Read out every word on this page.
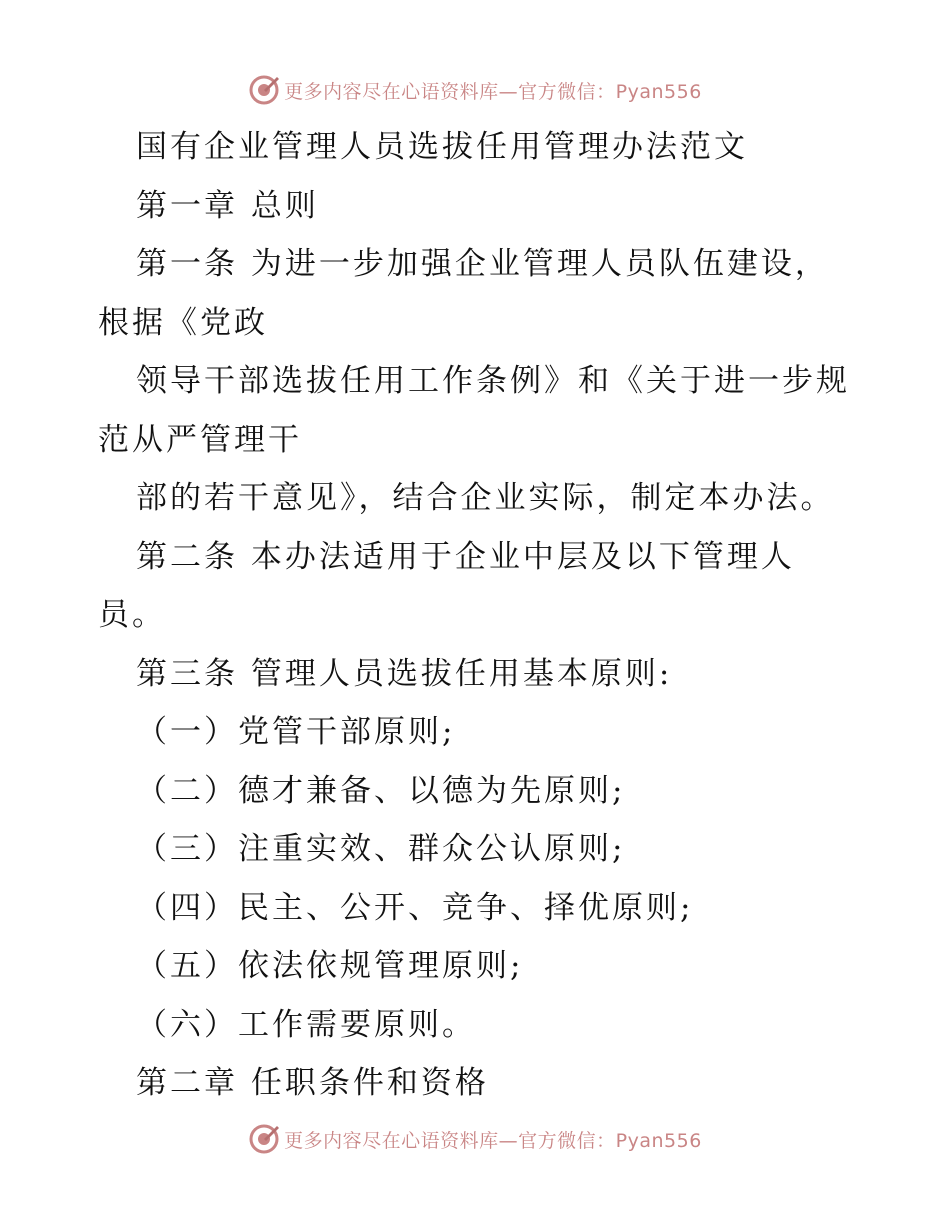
更多内容尽在心语资料库—官方微信：Pyan556
国有企业管理人员选拔任用管理办法范文
第一章 总则
第一条 为进一步加强企业管理人员队伍建设，
根据《党政
领导干部选拔任用工作条例》和《关于进一步规
范从严管理干
部的若干意见》，结合企业实际，制定本办法。
第二条 本办法适用于企业中层及以下管理人
员。
第三条 管理人员选拔任用基本原则:
（一）党管干部原则;
（二）德才兼备、以德为先原则;
（三）注重实效、群众公认原则;
（四）民主、公开、竞争、择优原则;
（五）依法依规管理原则;
（六）工作需要原则。
第二章 任职条件和资格
更多内容尽在心语资料库—官方微信：Pyan556
